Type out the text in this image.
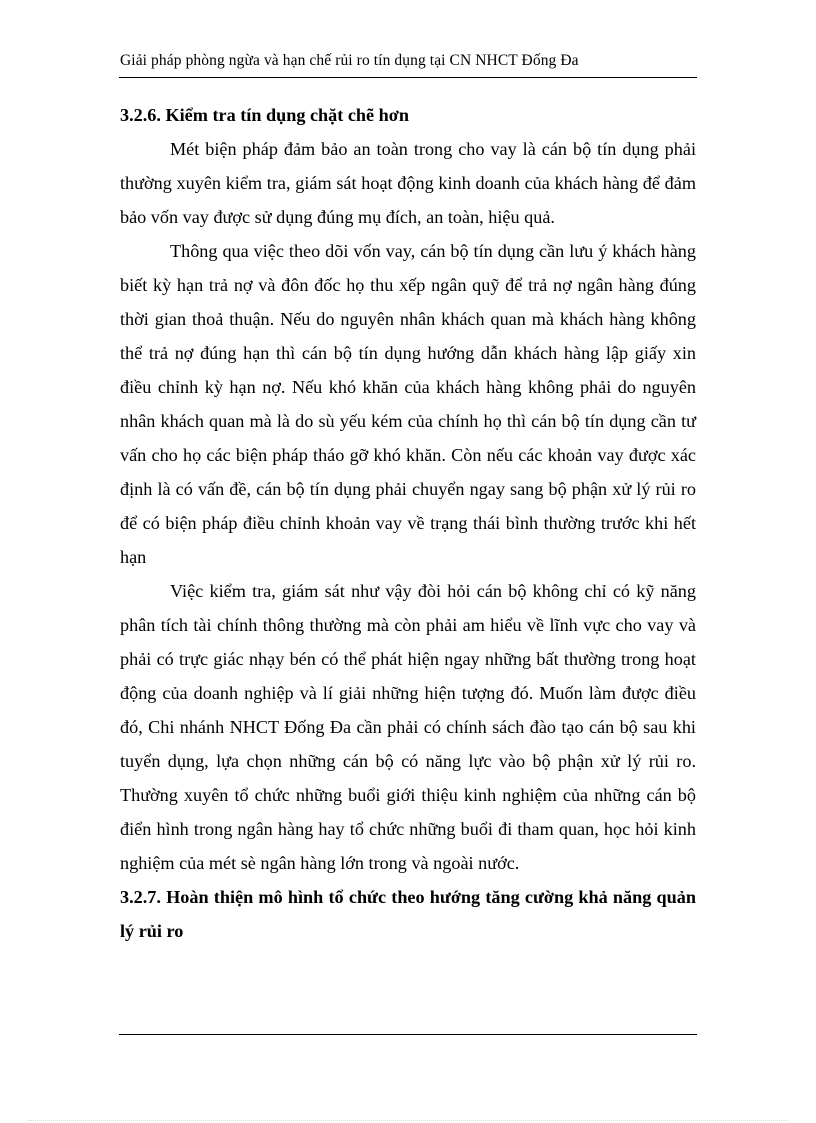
Giải pháp phòng ngừa và hạn chế rủi ro tín dụng tại CN NHCT Đống Đa

3.2.6. Kiểm tra tín dụng chặt chẽ hơn

Mét biện pháp đảm bảo an toàn trong cho vay là cán bộ tín dụng phải thường xuyên kiểm tra, giám sát hoạt động kinh doanh của khách hàng để đảm bảo vốn vay được sử dụng đúng mụ đích, an toàn, hiệu quả.

Thông qua việc theo dõi vốn vay, cán bộ tín dụng cần lưu ý khách hàng biết kỳ hạn trả nợ và đôn đốc họ thu xếp ngân quỹ để trả nợ ngân hàng đúng thời gian thoả thuận. Nếu do nguyên nhân khách quan mà khách hàng không thể trả nợ đúng hạn thì cán bộ tín dụng hướng dẫn khách hàng lập giấy xin điều chỉnh kỳ hạn nợ. Nếu khó khăn của khách hàng không phải do nguyên nhân khách quan mà là do sù yếu kém của chính họ thì cán bộ tín dụng cần tư vấn cho họ các biện pháp tháo gỡ khó khăn. Còn nếu các khoản vay được xác định là có vấn đề, cán bộ tín dụng phải chuyển ngay sang bộ phận xử lý rủi ro để có biện pháp điều chỉnh khoản vay về trạng thái bình thường trước khi hết hạn

Việc kiểm tra, giám sát như vậy đòi hỏi cán bộ không chỉ có kỹ năng phân tích tài chính thông thường mà còn phải am hiểu về lĩnh vực cho vay và phải có trực giác nhạy bén có thể phát hiện ngay những bất thường trong hoạt động của doanh nghiệp và lí giải những hiện tượng đó. Muốn làm được điều đó, Chi nhánh NHCT Đống Đa cần phải có chính sách đào tạo cán bộ sau khi tuyển dụng, lựa chọn những cán bộ có năng lực vào bộ phận xử lý rủi ro. Thường xuyên tổ chức những buổi giới thiệu kinh nghiệm của những cán bộ điển hình trong ngân hàng hay tổ chức những buổi đi tham quan, học hỏi kinh nghiệm của mét sè ngân hàng lớn trong và ngoài nước.

3.2.7. Hoàn thiện mô hình tổ chức theo hướng tăng cường khả năng quản lý rủi ro
